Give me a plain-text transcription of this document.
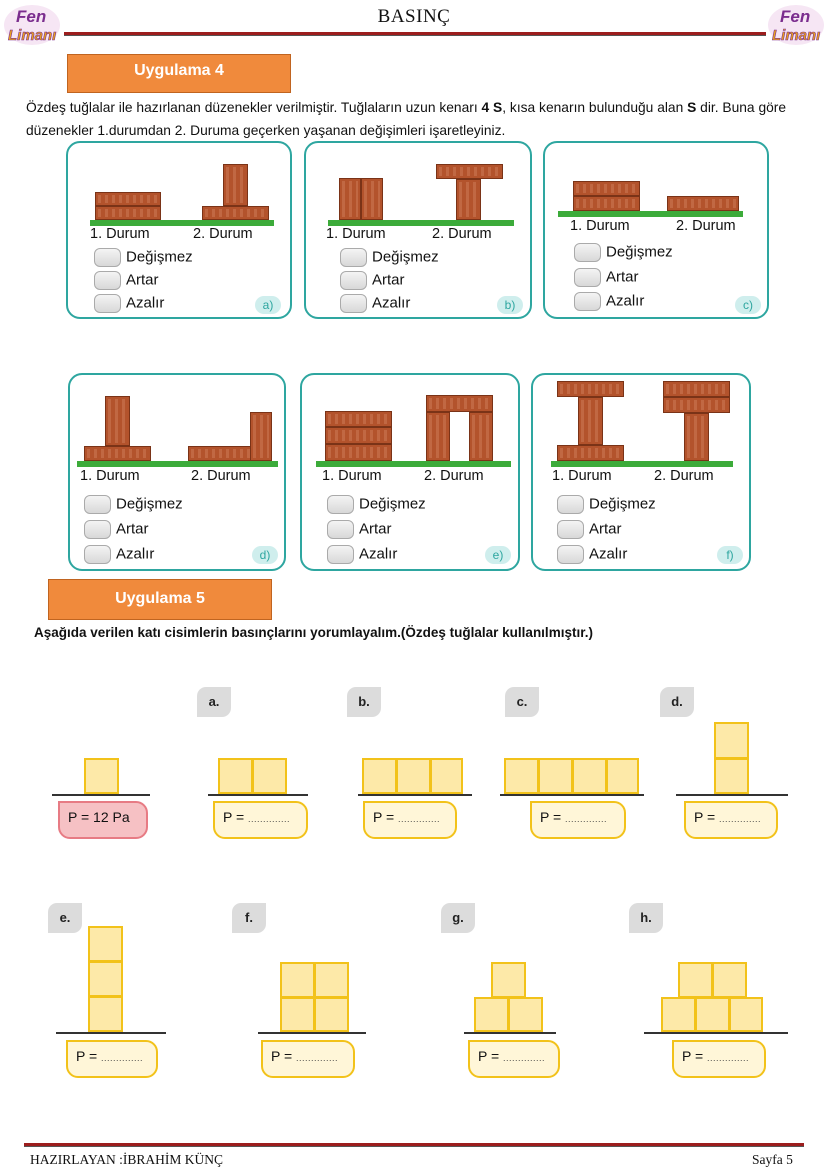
Fen
Limanı
Fen
Limanı
BASINÇ
Uygulama 4
Özdeş tuğlalar ile hazırlanan düzenekler verilmiştir. Tuğlaların uzun kenarı 4 S, kısa kenarın bulunduğu alan S dir. Buna göre düzenekler 1.durumdan 2. Duruma geçerken yaşanan değişimleri işaretleyiniz.
1. Durum	2. Durum	1. Durum	2. Durum	1. Durum	2. Durum
Değişmez
Artar
Azalır	a)
Değişmez
Artar
Azalır	b)
Değişmez
Artar
Azalır	c)
1. Durum	2. Durum	1. Durum	2. Durum	1. Durum	2. Durum
Değişmez
Artar
Azalır	d)
Değişmez
Artar
Azalır	e)
Değişmez
Artar
Azalır	f)
Uygulama 5
Aşağıda verilen katı cisimlerin basınçlarını yorumlayalım.(Özdeş tuğlalar kullanılmıştır.)
a.	b.	c.	d.
P = 12 Pa	P = ..............	P = ..............	P = ..............	P = ..............
e.	f.	g.	h.
P = ..............	P = ..............	P = ..............	P = ..............
HAZIRLAYAN :İBRAHİM KÜNÇ	Sayfa 5
